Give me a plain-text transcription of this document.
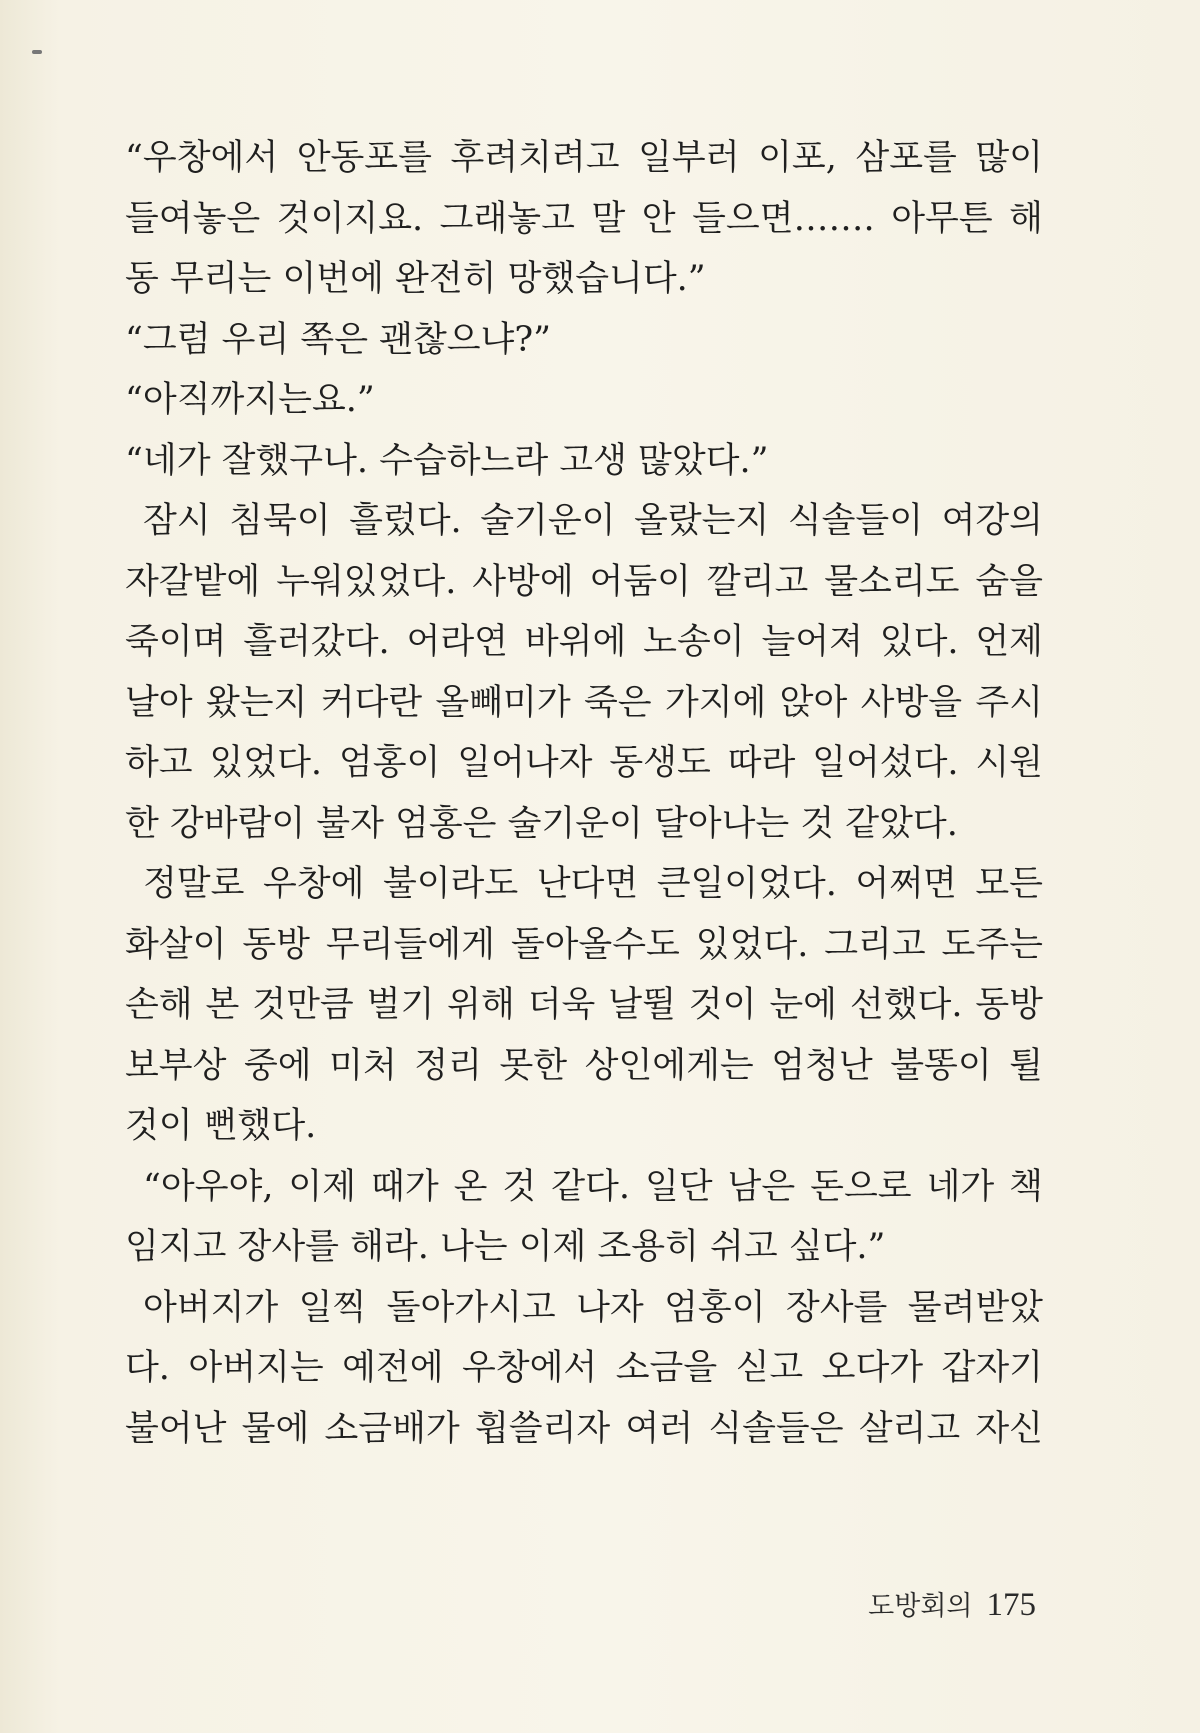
“우창에서 안동포를 후려치려고 일부러 이포, 삼포를 많이
들여놓은 것이지요. 그래놓고 말 안 들으면……. 아무튼 해
동 무리는 이번에 완전히 망했습니다.”
“그럼 우리 쪽은 괜찮으냐?”
“아직까지는요.”
“네가 잘했구나. 수습하느라 고생 많았다.”
잠시 침묵이 흘렀다. 술기운이 올랐는지 식솔들이 여강의
자갈밭에 누워있었다. 사방에 어둠이 깔리고 물소리도 숨을
죽이며 흘러갔다. 어라연 바위에 노송이 늘어져 있다. 언제
날아 왔는지 커다란 올빼미가 죽은 가지에 앉아 사방을 주시
하고 있었다. 엄홍이 일어나자 동생도 따라 일어섰다. 시원
한 강바람이 불자 엄홍은 술기운이 달아나는 것 같았다.
정말로 우창에 불이라도 난다면 큰일이었다. 어쩌면 모든
화살이 동방 무리들에게 돌아올수도 있었다. 그리고 도주는
손해 본 것만큼 벌기 위해 더욱 날뛸 것이 눈에 선했다. 동방
보부상 중에 미처 정리 못한 상인에게는 엄청난 불똥이 튈
것이 뻔했다.
“아우야, 이제 때가 온 것 같다. 일단 남은 돈으로 네가 책
임지고 장사를 해라. 나는 이제 조용히 쉬고 싶다.”
아버지가 일찍 돌아가시고 나자 엄홍이 장사를 물려받았
다. 아버지는 예전에 우창에서 소금을 싣고 오다가 갑자기
불어난 물에 소금배가 휩쓸리자 여러 식솔들은 살리고 자신
도방회의 175
